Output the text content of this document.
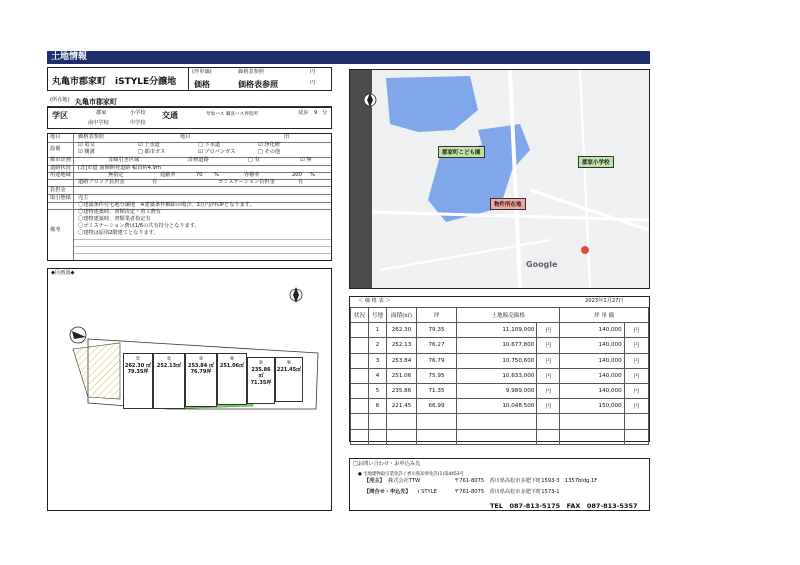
土地情報
丸亀市郡家町　iSTYLE分譲地
(坪単価)	価格表参照	円
価格	価格表参照	円
(所在地) 丸亀市郡家町
学区	郡家	小学校
南中学校	中学校
交通	琴参バス 職洛バス停留所	徒歩 9 分
地目	価格表参照	地目	田
設備
☑ 電気	☑ 上水道	□ 下水道	☑ 浄化槽
☑ 側溝	□ 都市ガス	☑ プロパンガス	□ その他
都市計画	非線引き区域	計画道路	□ 有	☑ 無
道路状況 [北]市道 南側開発道路 幅員約4.9m
用途地域	無指定	建蔽率	70 %	容積率	200 %
道路ブロック負担金	有	ゴミステーション負担金	有
負担金
取引態様 売主
備考
〇建築条件付宅地分譲地　※建築条件解除の場合、3万円/坪UPとなります。
〇建物建築時、書類決定・着工費有
〇建物建築時、書類業者指定有
〇ゴミステーション費は1/6の共有持分となります。
〇建物は原則2階建てとなります。
◆区画図◆
①
262.30 ㎡
79.35坪
②
252.13㎡
③
253.84 ㎡
76.79坪
④
251.06㎡	⑤
235.86 ㎡
71.35坪
⑥
221.45㎡
郡家町こども園
郡家小学校
物件所在地
Google
＜ 価 格 表 ＞	2023年1月27日
状況	号地	面積(㎡)	坪	土地販売価格		坪 単 価	
	1	262.30	79.35	11,109,000	円	140,000	円
	2	252.13	76.27	10,677,800	円	140,000	円
	3	253.84	76.79	10,750,600	円	140,000	円
	4	251.06	75.95	10,633,000	円	140,000	円
	5	235.86	71.35	9,989,000	円	140,000	円
	6	221.45	66.99	10,048,500	円	150,000	円

□お問い合わせ・お申込み先
● 宅地建物取引業免許 / 香川県知事免許(1)第4453号
【売主】 株式会社TTW	〒761-8075　香川県高松市多肥下町1593-3　1357bldg.1F
【問合せ・申込先】 i STYLE	〒761-8075　香川県高松市多肥下町1573-1
TEL　087-813-5175　FAX　087-813-5357
